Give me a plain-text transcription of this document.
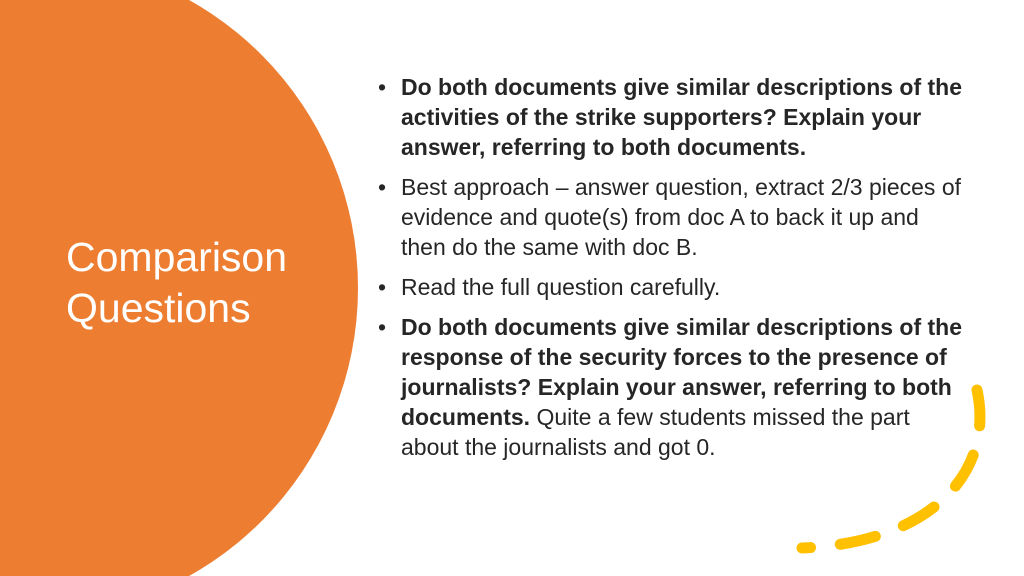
Comparison
Questions
• Do both documents give similar descriptions of the activities of the strike supporters? Explain your answer, referring to both documents.
• Best approach – answer question, extract 2/3 pieces of evidence and quote(s) from doc A to back it up and then do the same with doc B.
• Read the full question carefully.
• Do both documents give similar descriptions of the response of the security forces to the presence of journalists? Explain your answer, referring to both documents. Quite a few students missed the part about the journalists and got 0.
